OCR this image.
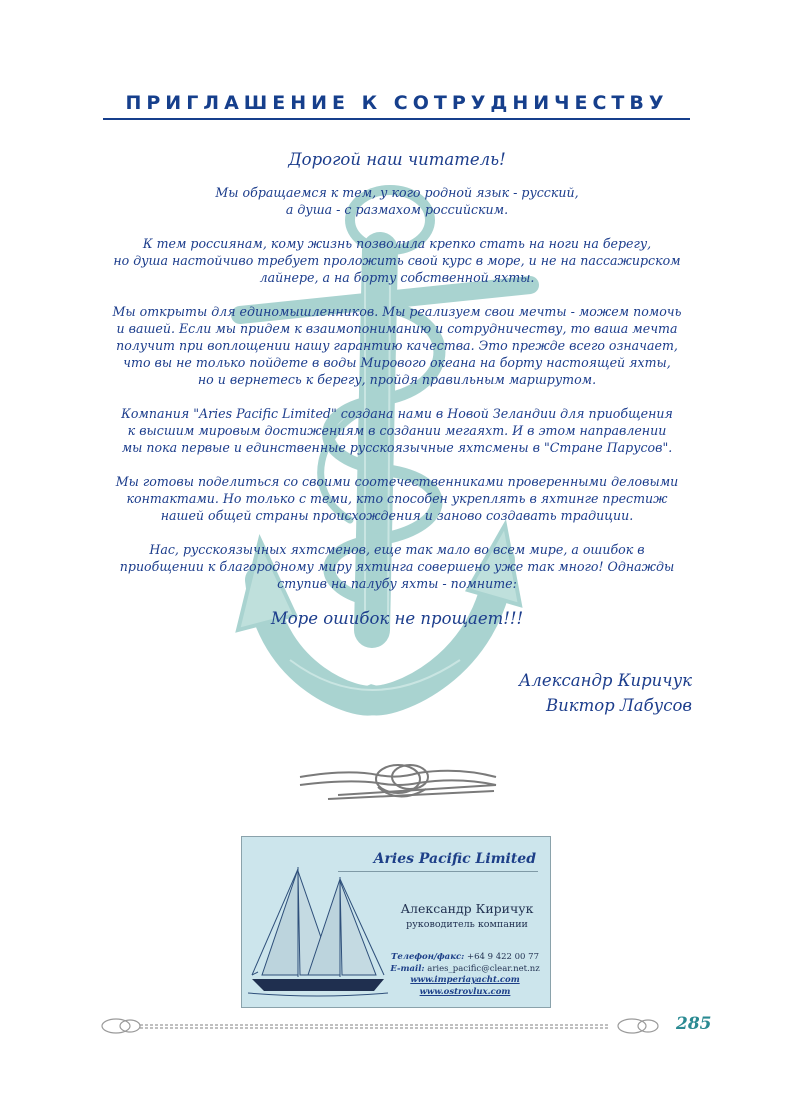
ПРИГЛАШЕНИЕ К СОТРУДНИЧЕСТВУ

Дорогой наш читатель!

Мы обращаемся к тем, у кого родной язык - русский,
а душа - с размахом российским.

К тем россиянам, кому жизнь позволила крепко стать на ноги на берегу,
но душа настойчиво требует проложить свой курс в море, и не на пассажирском
лайнере, а на борту собственной яхты.

Мы открыты для единомышленников. Мы реализуем свои мечты - можем помочь
и вашей. Если мы придем к взаимопониманию и сотрудничеству, то ваша мечта
получит при воплощении нашу гарантию качества. Это прежде всего означает,
что вы не только пойдете в воды Мирового океана на борту настоящей яхты,
но и вернетесь к берегу, пройдя правильным маршрутом.

Компания "Aries Pacific Limited" создана нами в Новой Зеландии для приобщения
к высшим мировым достижениям в создании мегаяхт. И в этом направлении
мы пока первые и единственные русскоязычные яхтсмены в "Стране Парусов".

Мы готовы поделиться со своими соотечественниками проверенными деловыми
контактами. Но только с теми, кто способен укреплять в яхтинге престиж
нашей общей страны происхождения и заново создавать традиции.

Нас, русскоязычных яхтсменов, еще так мало во всем мире, а ошибок в
приобщении к благородному миру яхтинга совершено уже так много! Однажды
ступив на палубу яхты - помните:

Море ошибок не прощает!!!

Александр Киричук
Виктор Лабусов
Aries Pacific Limited
Александр Киричук
руководитель компании
Телефон/факс: +64 9 422 00 77
E-mail: aries_pacific@clear.net.nz
www.imperiayacht.com
www.ostrovlux.com
285
